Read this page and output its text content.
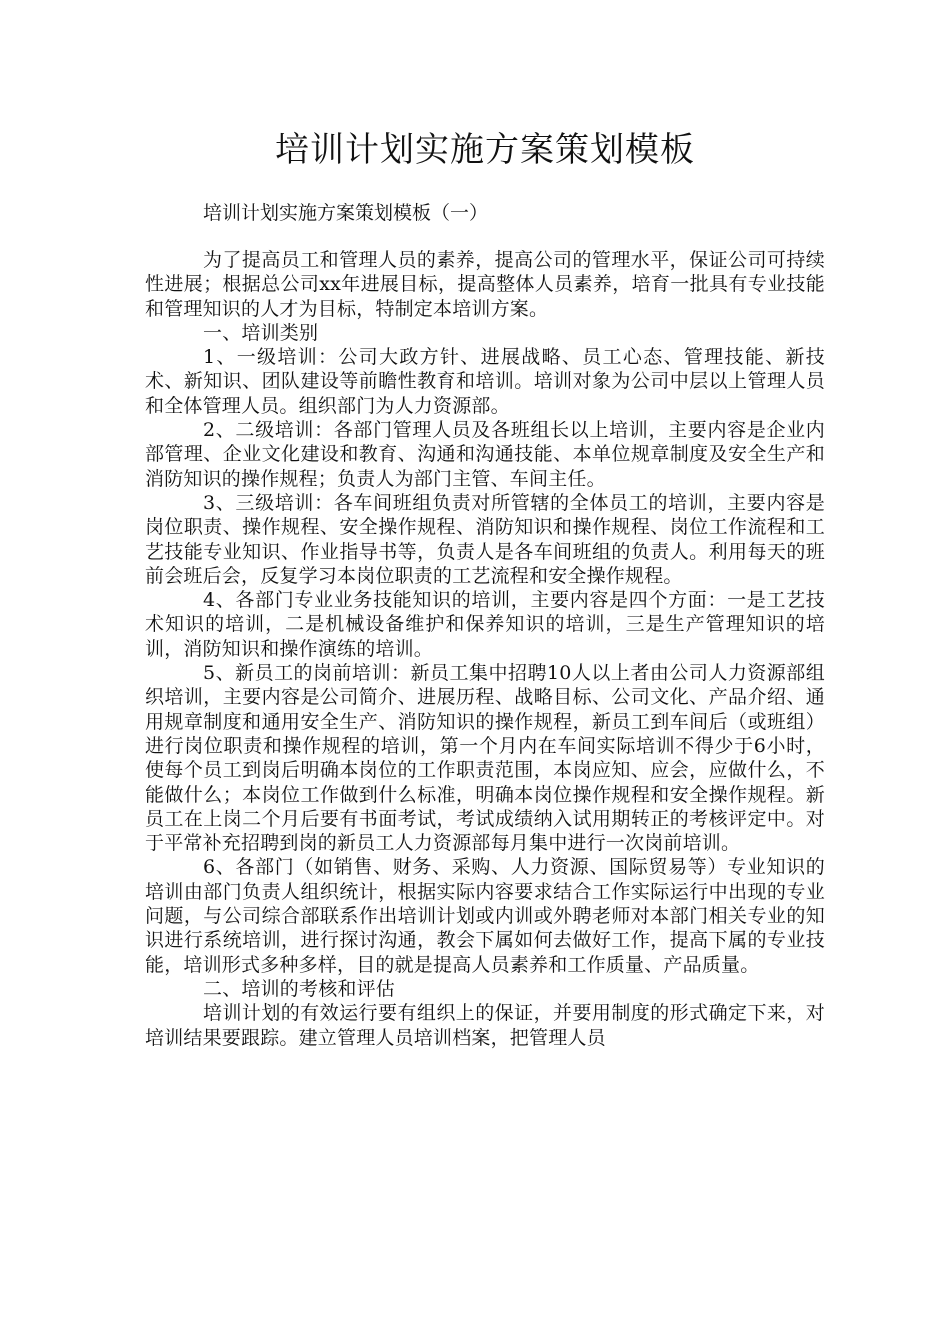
培训计划实施方案策划模板

培训计划实施方案策划模板（一）

为了提高员工和管理人员的素养，提高公司的管理水平，保证公司可持续性进展；根据总公司xx年进展目标，提高整体人员素养，培育一批具有专业技能和管理知识的人才为目标，特制定本培训方案。

一、培训类别

1、一级培训：公司大政方针、进展战略、员工心态、管理技能、新技术、新知识、团队建设等前瞻性教育和培训。培训对象为公司中层以上管理人员和全体管理人员。组织部门为人力资源部。

2、二级培训：各部门管理人员及各班组长以上培训，主要内容是企业内部管理、企业文化建设和教育、沟通和沟通技能、本单位规章制度及安全生产和消防知识的操作规程；负责人为部门主管、车间主任。

3、三级培训：各车间班组负责对所管辖的全体员工的培训，主要内容是岗位职责、操作规程、安全操作规程、消防知识和操作规程、岗位工作流程和工艺技能专业知识、作业指导书等，负责人是各车间班组的负责人。利用每天的班前会班后会，反复学习本岗位职责的工艺流程和安全操作规程。

4、各部门专业业务技能知识的培训，主要内容是四个方面：一是工艺技术知识的培训，二是机械设备维护和保养知识的培训，三是生产管理知识的培训，消防知识和操作演练的培训。

5、新员工的岗前培训：新员工集中招聘10人以上者由公司人力资源部组织培训，主要内容是公司简介、进展历程、战略目标、公司文化、产品介绍、通用规章制度和通用安全生产、消防知识的操作规程，新员工到车间后（或班组）进行岗位职责和操作规程的培训，第一个月内在车间实际培训不得少于6小时，使每个员工到岗后明确本岗位的工作职责范围，本岗应知、应会，应做什么，不能做什么；本岗位工作做到什么标准，明确本岗位操作规程和安全操作规程。新员工在上岗二个月后要有书面考试，考试成绩纳入试用期转正的考核评定中。对于平常补充招聘到岗的新员工人力资源部每月集中进行一次岗前培训。

6、各部门（如销售、财务、采购、人力资源、国际贸易等）专业知识的培训由部门负责人组织统计，根据实际内容要求结合工作实际运行中出现的专业问题，与公司综合部联系作出培训计划或内训或外聘老师对本部门相关专业的知识进行系统培训，进行探讨沟通，教会下属如何去做好工作，提高下属的专业技能，培训形式多种多样，目的就是提高人员素养和工作质量、产品质量。

二、培训的考核和评估

培训计划的有效运行要有组织上的保证，并要用制度的形式确定下来，对培训结果要跟踪。建立管理人员培训档案，把管理人员
